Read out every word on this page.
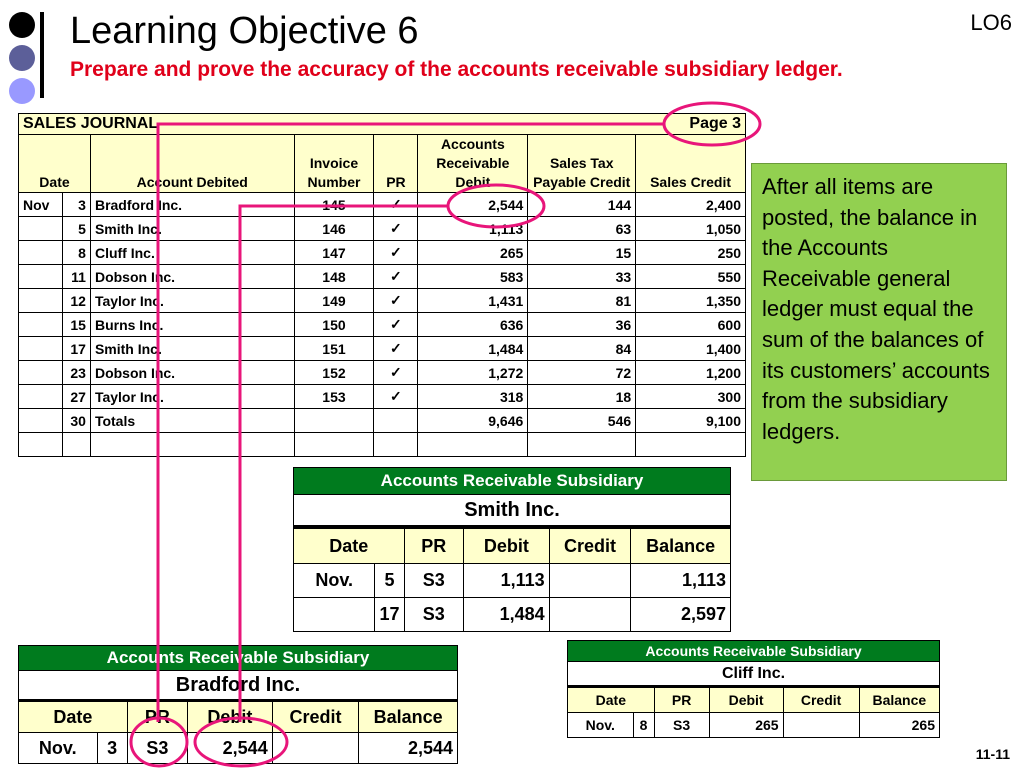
Learning Objective 6
Prepare and prove the accuracy of the accounts receivable subsidiary ledger.
LO6
SALES JOURNAL					Page 3		
Date		Account Debited	Invoice Number	PR	Accounts Receivable Debit	Sales Tax Payable Credit	Sales Credit
Nov	3	Bradford Inc.	145	✓	2,544	144	2,400
	5	Smith Inc.	146	✓	1,113	63	1,050
	8	Cluff Inc.	147	✓	265	15	250
	11	Dobson Inc.	148	✓	583	33	550
	12	Taylor Inc.	149	✓	1,431	81	1,350
	15	Burns Inc.	150	✓	636	36	600
	17	Smith Inc.	151	✓	1,484	84	1,400
	23	Dobson Inc.	152	✓	1,272	72	1,200
	27	Taylor Inc.	153	✓	318	18	300
	30	Totals			9,646	546	9,100

After all items are posted, the balance in the Accounts Receivable general ledger must equal the sum of the balances of its customers’ accounts from the subsidiary ledgers.
Accounts Receivable Subsidiary					
Smith Inc.					
Date		PR	Debit	Credit	Balance
Nov.	5	S3	1,113		1,113
	17	S3	1,484		2,597
Accounts Receivable Subsidiary					
Bradford Inc.					
Date		PR	Debit	Credit	Balance
Nov.	3	S3	2,544		2,544
Accounts Receivable Subsidiary					
Cliff Inc.					
Date		PR	Debit	Credit	Balance
Nov.	8	S3	265		265
11-11
